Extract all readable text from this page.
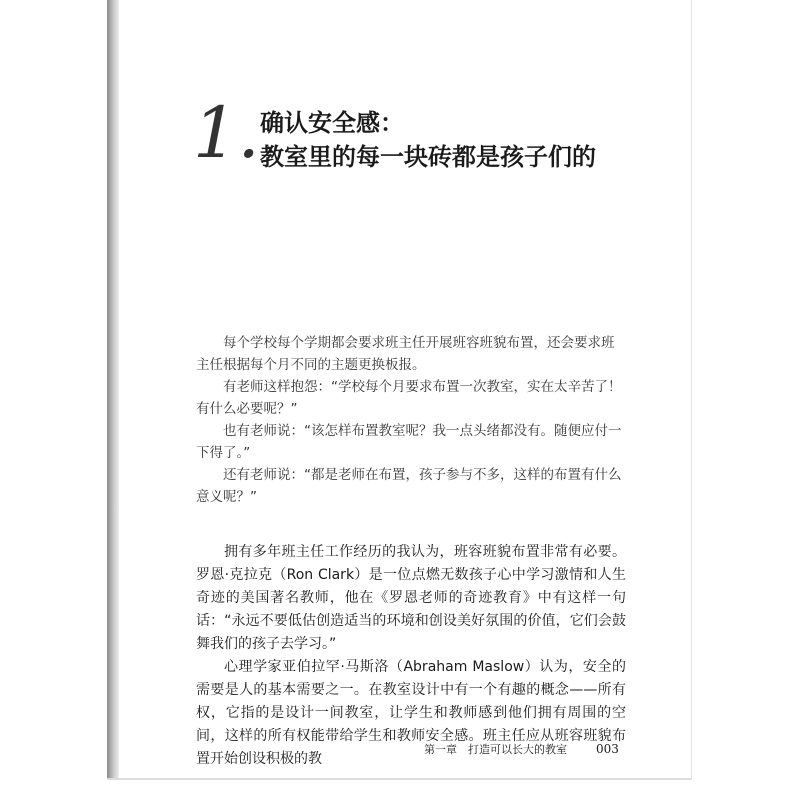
1. 确认安全感：
教室里的每一块砖都是孩子们的

每个学校每个学期都会要求班主任开展班容班貌布置，还会要求班主任根据每个月不同的主题更换板报。

有老师这样抱怨：“学校每个月要求布置一次教室，实在太辛苦了！有什么必要呢？”

也有老师说：“该怎样布置教室呢？我一点头绪都没有。随便应付一下得了。”

还有老师说：“都是老师在布置，孩子参与不多，这样的布置有什么意义呢？”

拥有多年班主任工作经历的我认为，班容班貌布置非常有必要。罗恩·克拉克（Ron Clark）是一位点燃无数孩子心中学习激情和人生奇迹的美国著名教师，他在《罗恩老师的奇迹教育》中有这样一句话：“永远不要低估创造适当的环境和创设美好氛围的价值，它们会鼓舞我们的孩子去学习。”

心理学家亚伯拉罕·马斯洛（Abraham Maslow）认为，安全的需要是人的基本需要之一。在教室设计中有一个有趣的概念——所有权，它指的是设计一间教室，让学生和教师感到他们拥有周围的空间，这样的所有权能带给学生和教师安全感。班主任应从班容班貌布置开始创设积极的教

第一章　打造可以长大的教室 003
